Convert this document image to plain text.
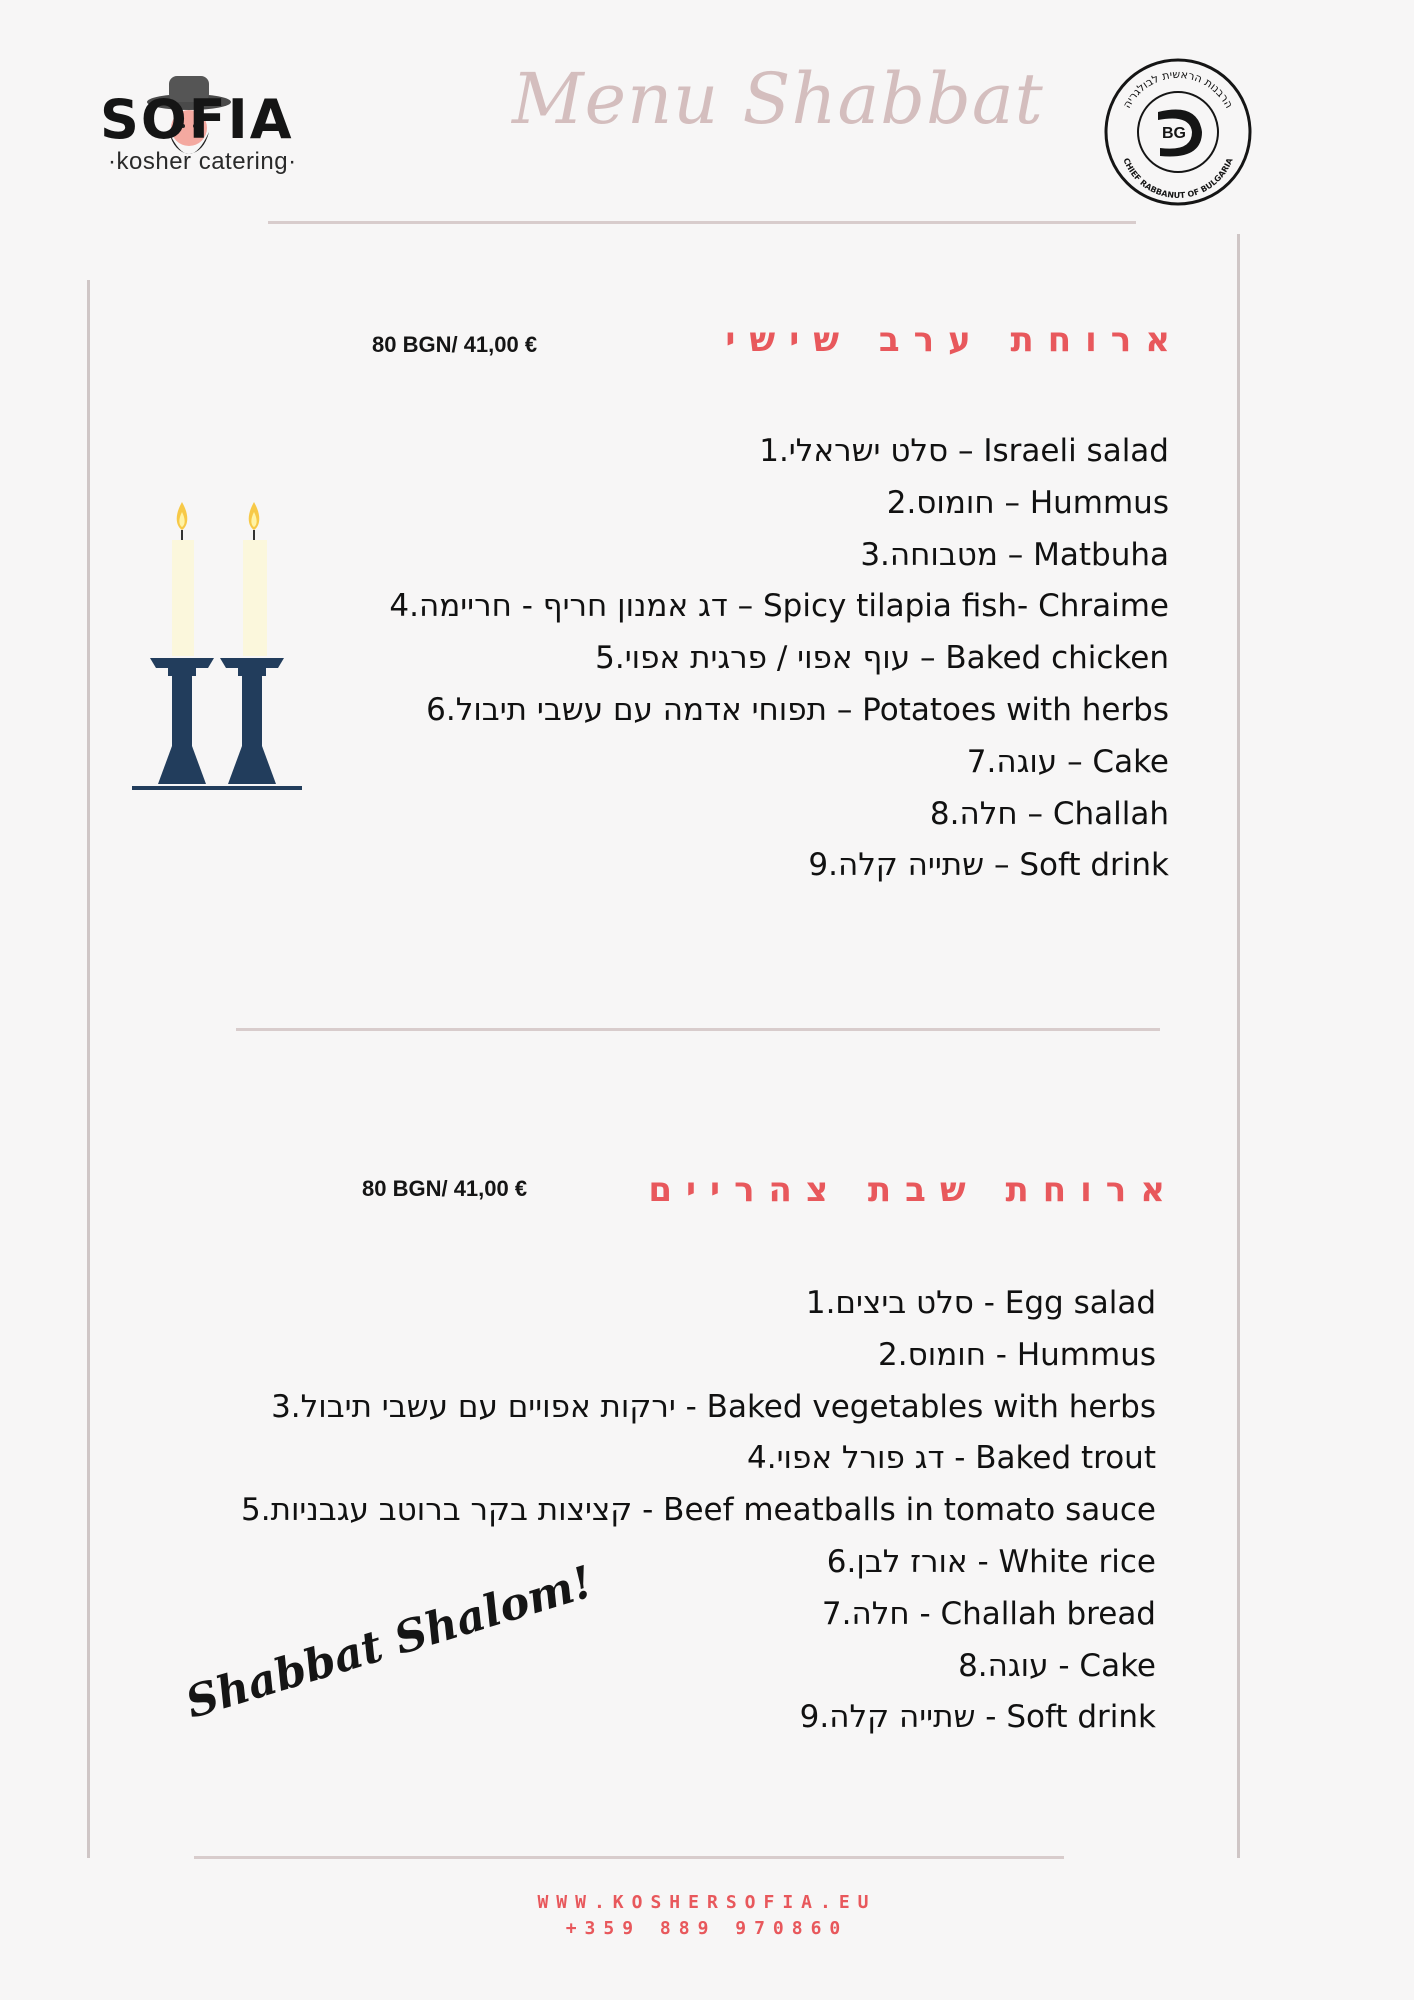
SOFIA
·kosher catering·
Menu Shabbat	הרבנות הראשית לבולגריה
CHIEF RABBANUT OF BULGARIA
BG
ארוחת ערב שישי
80 BGN/ 41,00 €
1.סלט ישראלי – Israeli salad
2.חומוס – Hummus
3.מטבוחה – Matbuha
4.דג אמנון חריף - חריימה – Spicy tilapia fish- Chraime
5.עוף אפוי / פרגית אפוי – Baked chicken
6.תפוחי אדמה עם עשבי תיבול – Potatoes with herbs
7.עוגה – Cake
8.חלה – Challah
9.שתייה קלה – Soft drink
ארוחת שבת צהריים
80 BGN/ 41,00 €
1.סלט ביצים - Egg salad
2.חומוס - Hummus
3.ירקות אפויים עם עשבי תיבול - Baked vegetables with herbs
4.דג פורל אפוי - Baked trout
5.קציצות בקר ברוטב עגבניות - Beef meatballs in tomato sauce
6.אורז לבן - White rice
7.חלה - Challah bread
8.עוגה - Cake
9.שתייה קלה - Soft drink
Shabbat Shalom!
WWW.KOSHERSOFIA.EU
+359 889 970860
